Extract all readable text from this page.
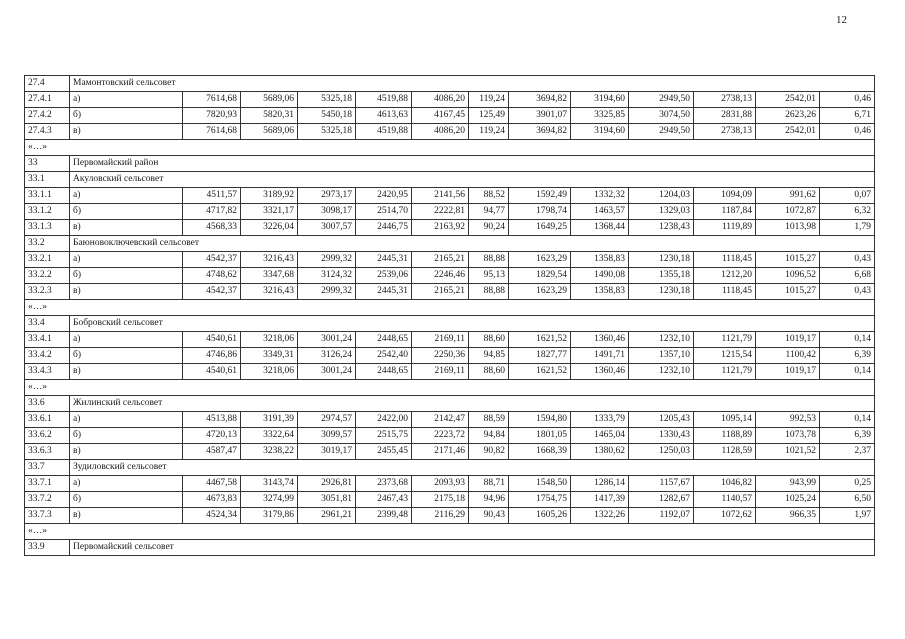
12
27.4	Мамонтовский сельсовет												
27.4.1	а)	7614,68	5689,06	5325,18	4519,88	4086,20	119,24	3694,82	3194,60	2949,50	2738,13	2542,01	0,46
27.4.2	б)	7820,93	5820,31	5450,18	4613,63	4167,45	125,49	3901,07	3325,85	3074,50	2831,88	2623,26	6,71
27.4.3	в)	7614,68	5689,06	5325,18	4519,88	4086,20	119,24	3694,82	3194,60	2949,50	2738,13	2542,01	0,46
«…»													
33	Первомайский район												
33.1	Акуловский сельсовет												
33.1.1	а)	4511,57	3189,92	2973,17	2420,95	2141,56	88,52	1592,49	1332,32	1204,03	1094,09	991,62	0,07
33.1.2	б)	4717,82	3321,17	3098,17	2514,70	2222,81	94,77	1798,74	1463,57	1329,03	1187,84	1072,87	6,32
33.1.3	в)	4568,33	3226,04	3007,57	2446,75	2163,92	90,24	1649,25	1368,44	1238,43	1119,89	1013,98	1,79
33.2	Баюновоключевский сельсовет												
33.2.1	а)	4542,37	3216,43	2999,32	2445,31	2165,21	88,88	1623,29	1358,83	1230,18	1118,45	1015,27	0,43
33.2.2	б)	4748,62	3347,68	3124,32	2539,06	2246,46	95,13	1829,54	1490,08	1355,18	1212,20	1096,52	6,68
33.2.3	в)	4542,37	3216,43	2999,32	2445,31	2165,21	88,88	1623,29	1358,83	1230,18	1118,45	1015,27	0,43
«…»													
33.4	Бобровский сельсовет												
33.4.1	а)	4540,61	3218,06	3001,24	2448,65	2169,11	88,60	1621,52	1360,46	1232,10	1121,79	1019,17	0,14
33.4.2	б)	4746,86	3349,31	3126,24	2542,40	2250,36	94,85	1827,77	1491,71	1357,10	1215,54	1100,42	6,39
33.4.3	в)	4540,61	3218,06	3001,24	2448,65	2169,11	88,60	1621,52	1360,46	1232,10	1121,79	1019,17	0,14
«…»													
33.6	Жилинский сельсовет												
33.6.1	а)	4513,88	3191,39	2974,57	2422,00	2142,47	88,59	1594,80	1333,79	1205,43	1095,14	992,53	0,14
33.6.2	б)	4720,13	3322,64	3099,57	2515,75	2223,72	94,84	1801,05	1465,04	1330,43	1188,89	1073,78	6,39
33.6.3	в)	4587,47	3238,22	3019,17	2455,45	2171,46	90,82	1668,39	1380,62	1250,03	1128,59	1021,52	2,37
33.7	Зудиловский сельсовет												
33.7.1	а)	4467,58	3143,74	2926,81	2373,68	2093,93	88,71	1548,50	1286,14	1157,67	1046,82	943,99	0,25
33.7.2	б)	4673,83	3274,99	3051,81	2467,43	2175,18	94,96	1754,75	1417,39	1282,67	1140,57	1025,24	6,50
33.7.3	в)	4524,34	3179,86	2961,21	2399,48	2116,29	90,43	1605,26	1322,26	1192,07	1072,62	966,35	1,97
«…»													
33.9	Первомайский сельсовет												
